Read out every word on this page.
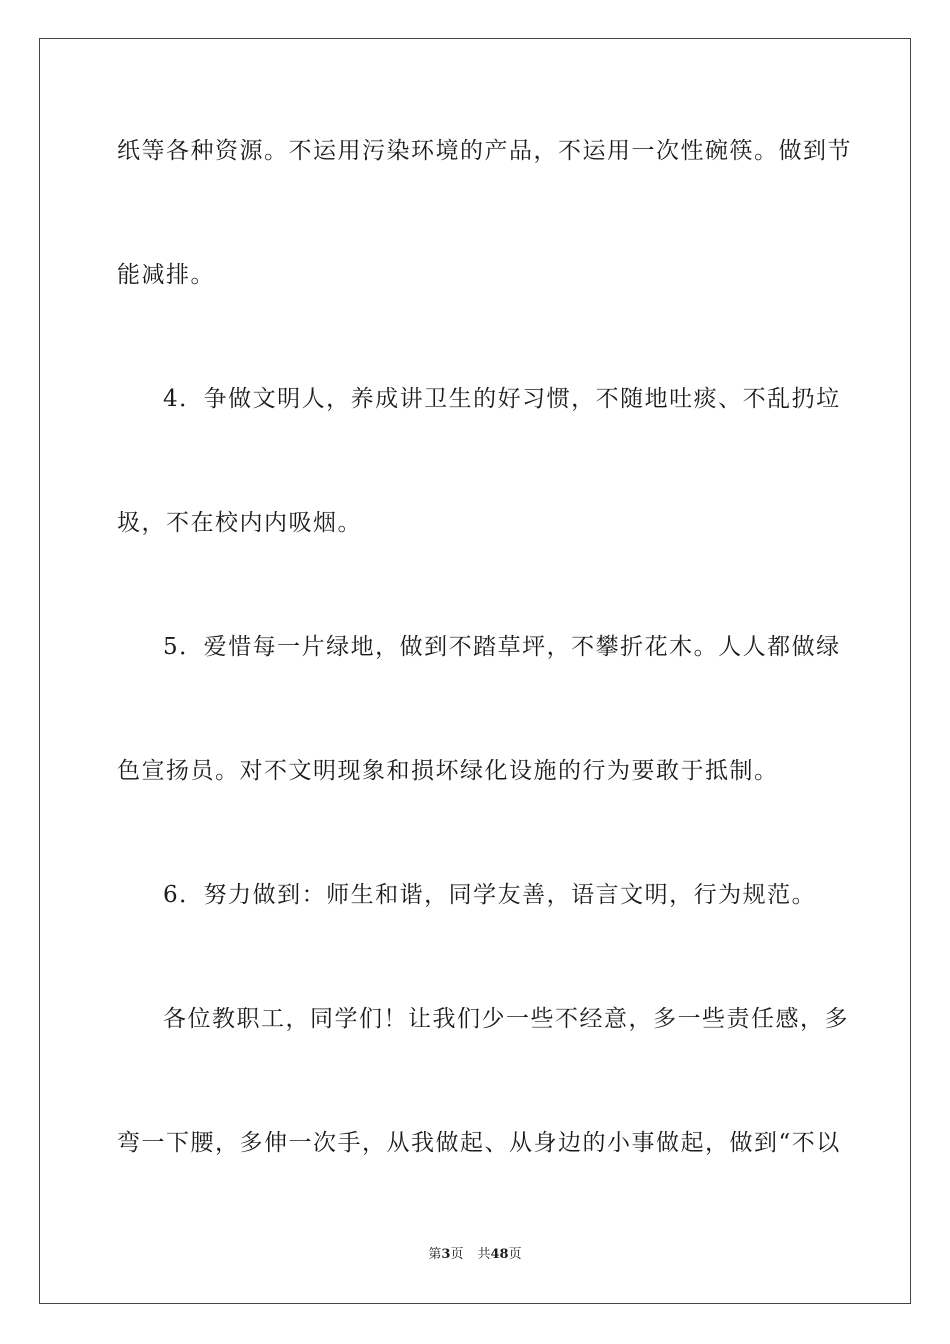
纸等各种资源。不运用污染环境的产品，不运用一次性碗筷。做到节
能减排。
4．争做文明人，养成讲卫生的好习惯，不随地吐痰、不乱扔垃
圾，不在校内内吸烟。
5．爱惜每一片绿地，做到不踏草坪，不攀折花木。人人都做绿
色宣扬员。对不文明现象和损坏绿化设施的行为要敢于抵制。
6．努力做到：师生和谐，同学友善，语言文明，行为规范。
各位教职工，同学们！让我们少一些不经意，多一些责任感，多
弯一下腰，多伸一次手，从我做起、从身边的小事做起，做到“不以
第3页 共48页
